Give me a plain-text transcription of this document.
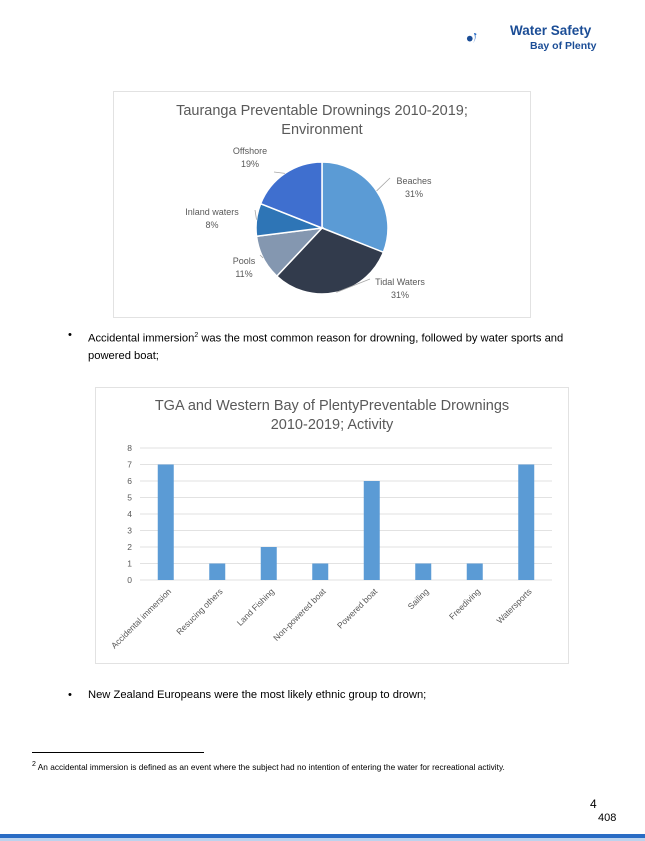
Water Safety
Bay of Plenty
Tauranga Preventable Drownings 2010-2019;
Environment
Beaches
31%
Tidal Waters
31%
Pools
11%
Inland waters
8%
Offshore
19%
• Accidental immersion$^2$ was the most common reason for drowning, followed by water sports and powered boat;
TGA and Western Bay of PlentyPreventable Drownings
2010-2019; Activity
0
1
2
3
4
5
6
7
8
Accidental immersion Resucing others Land Fishing
Non-powered boat Powered boat	Sailing Freediving Watersports
• New Zealand Europeans were the most likely ethnic group to drown;
$^2$ An accidental immersion is defined as an event where the subject had no intention of entering the water for recreational activity.
4
408
